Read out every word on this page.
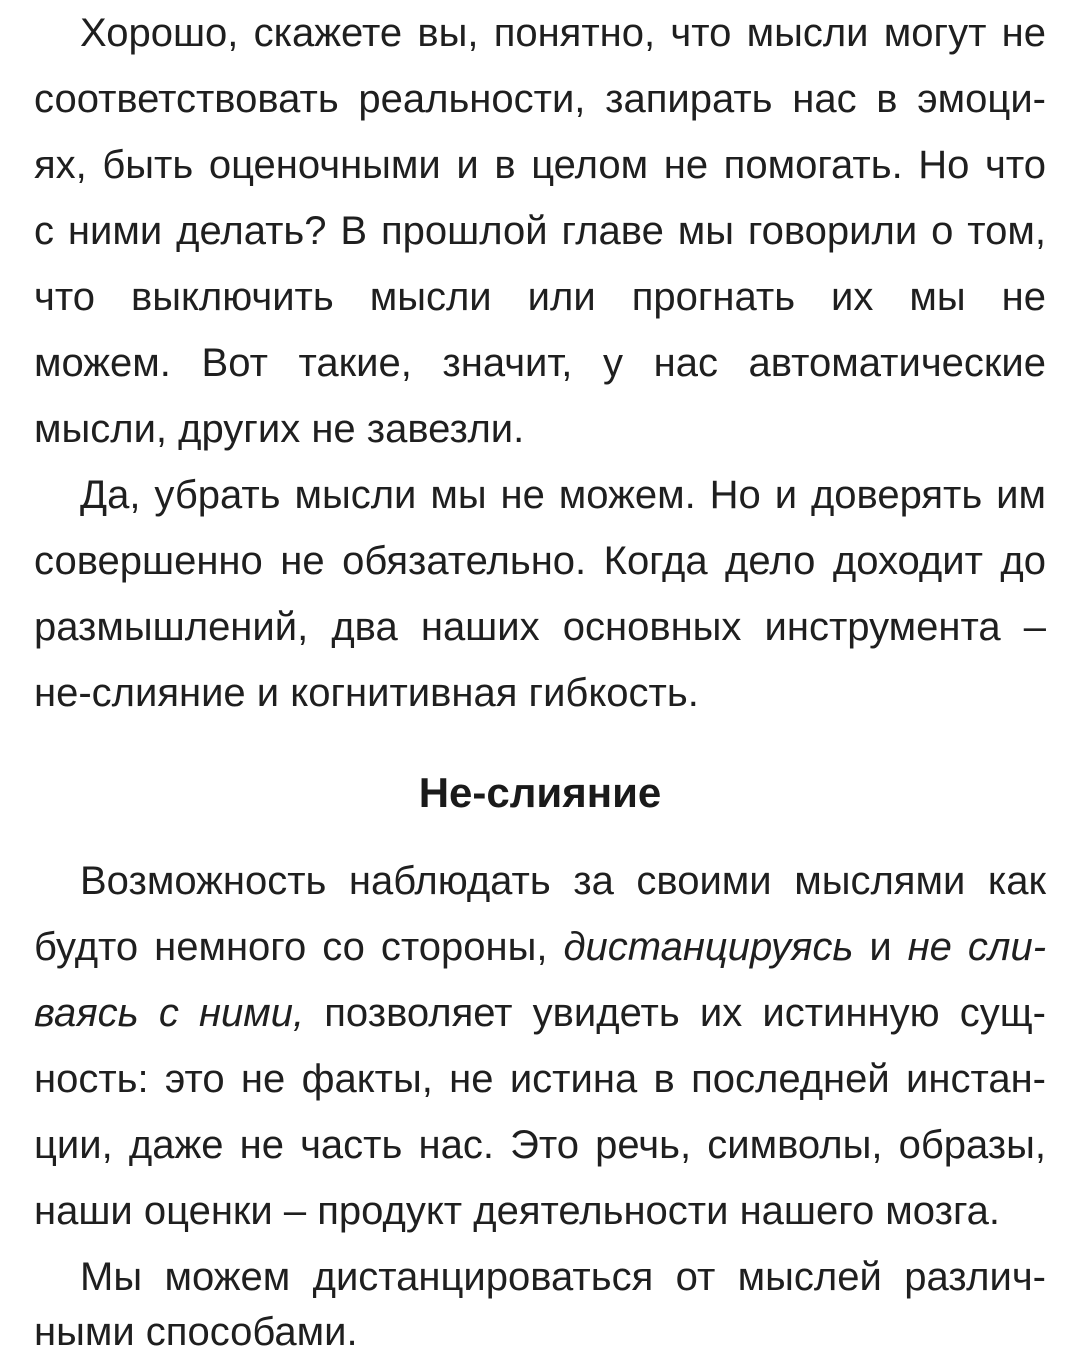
Хорошо, скажете вы, понятно, что мысли могут не
соответствовать реальности, запирать нас в эмоци-
ях, быть оценочными и в целом не помогать. Но что
с ними делать? В прошлой главе мы говорили о том,
что выключить мысли или прогнать их мы не
можем. Вот такие, значит, у нас автоматические
мысли, других не завезли.
Да, убрать мысли мы не можем. Но и доверять им
совершенно не обязательно. Когда дело доходит до
размышлений, два наших основных инструмента –
не-слияние и когнитивная гибкость.
Не-слияние
Возможность наблюдать за своими мыслями как
будто немного со стороны, дистанцируясь и не сли-
ваясь с ними, позволяет увидеть их истинную сущ-
ность: это не факты, не истина в последней инстан-
ции, даже не часть нас. Это речь, символы, образы,
наши оценки – продукт деятельности нашего мозга.
Мы можем дистанцироваться от мыслей различ-
ными способами.
